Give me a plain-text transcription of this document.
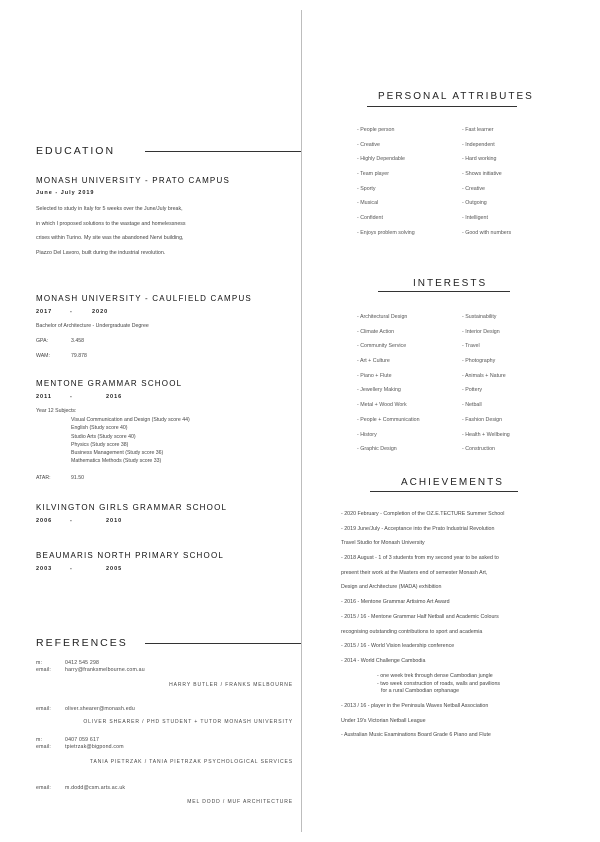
PERSONAL ATTRIBUTES
- People person
- Creative
- Highly Dependable
- Team player
- Sporty
- Musical
- Confident
- Enjoys problem solving
- Fast learner
- Independent
- Hard working
- Shows initiative
- Creative
- Outgoing
- Intelligent
- Good with numbers
INTERESTS
- Architectural Design
- Climate Action
- Community Service
- Art + Culture
- Piano + Flute
- Jewellery Making
- Metal + Wood Work
- People + Communication
- History
- Graphic Design
- Sustainability
- Interior Design
- Travel
- Photography
- Animals + Nature
- Pottery
- Netball
- Fashion Design
- Health + Wellbeing
- Construction
ACHIEVEMENTS
- 2020 February - Completion of the OZ.E.TECTURE Summer School
- 2019 June/July - Acceptance into the Prato Industrial Revolution
Travel Studio for Monash University
- 2018 August - 1 of 3 students from my second year to be asked to
present their work at the Masters end of semester Monash Art,
Design and Architecture (MADA) exhibition
- 2016 - Mentone Grammar Artisimo Art Award
- 2015 / 16 - Mentone Grammar Half Netball and Academic Colours
recognising outstanding contributions to sport and academia
- 2015 / 16 - World Vision leadership conference
- 2014 - World Challenge Cambodia
- one week trek through dense Cambodian jungle
- two week construction of roads, walls and pavilions
for a rural Cambodian orphanage
- 2013 / 16 - player in the Peninsula Waves Netball Association
Under 19's Victorian Netball League
- Australian Music Examinations Board Grade 6 Piano and Flute
EDUCATION
MONASH UNIVERSITY - PRATO CAMPUS
June - July 2019
Selected to study in Italy for 5 weeks over the June/July break,
in which I proposed solutions to the wastage and homelessness
crises within Turino. My site was the abandoned Nervi building,
Piazzo Del Lavoro, built during the industrial revolution.
MONASH UNIVERSITY - CAULFIELD CAMPUS
2017	-	2020
Bachelor of Architecture - Undergraduate Degree
GPA:	3.458
WAM:	79.878
MENTONE GRAMMAR SCHOOL
2011	-	2016
Year 12 Subjects:
Visual Communication and Design (Study score 44)
English (Study score 40)
Studio Arts (Study score 40)
Physics (Study score 38)
Business Management (Study score 36)
Mathematics Methods (Study score 33)
ATAR:	91.50
KILVINGTON GIRLS GRAMMAR SCHOOL
2006	-	2010
BEAUMARIS NORTH PRIMARY SCHOOL
2003	-	2005
REFERENCES
m:	0412 545 298
email:	harry@franksmelbourne.com.au
HARRY BUTLER / FRANKS MELBOURNE
email:	oliver.shearer@monash.edu
OLIVER SHEARER / PHD STUDENT + TUTOR MONASH UNIVERSITY
m:	0407 059 617
email:	tpietrzak@bigpond.com
TANIA PIETRZAK / TANIA PIETRZAK PSYCHOLOGICAL SERVICES
email:	m.dodd@csm.arts.ac.uk
MEL DODD / MUF ARCHITECTURE
